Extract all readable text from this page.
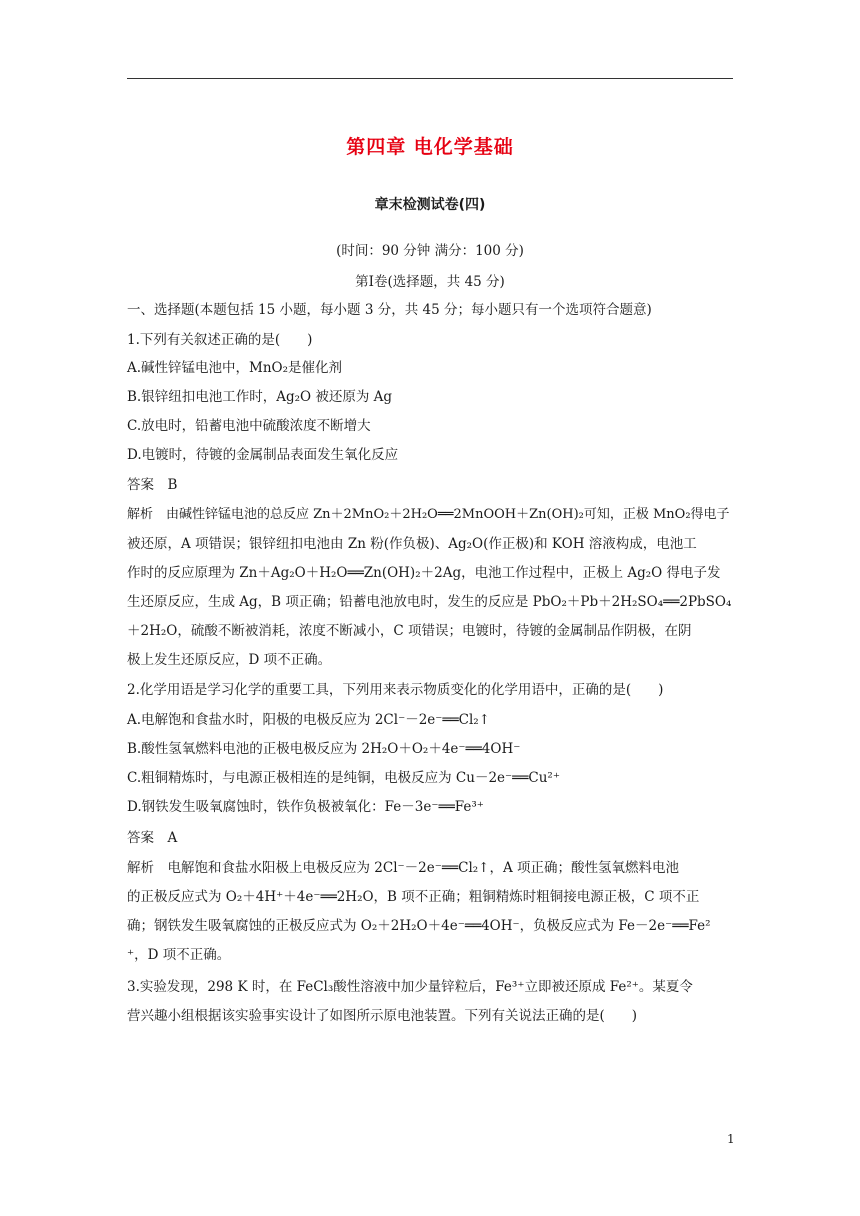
第四章 电化学基础
章末检测试卷(四)
(时间：90 分钟 满分：100 分)
第Ⅰ卷(选择题，共 45 分)
一、选择题(本题包括 15 小题，每小题 3 分，共 45 分；每小题只有一个选项符合题意)
1.下列有关叙述正确的是(　　)
A.碱性锌锰电池中，MnO₂是催化剂
B.银锌纽扣电池工作时，Ag₂O 被还原为 Ag
C.放电时，铅蓄电池中硫酸浓度不断增大
D.电镀时，待镀的金属制品表面发生氧化反应
答案　B
解析　由碱性锌锰电池的总反应 Zn＋2MnO₂＋2H₂O══2MnOOH＋Zn(OH)₂可知，正极 MnO₂得电子
被还原，A 项错误；银锌纽扣电池由 Zn 粉(作负极)、Ag₂O(作正极)和 KOH 溶液构成，电池工
作时的反应原理为 Zn＋Ag₂O＋H₂O══Zn(OH)₂＋2Ag，电池工作过程中，正极上 Ag₂O 得电子发
生还原反应，生成 Ag，B 项正确；铅蓄电池放电时，发生的反应是 PbO₂＋Pb＋2H₂SO₄══2PbSO₄
＋2H₂O，硫酸不断被消耗，浓度不断减小，C 项错误；电镀时，待镀的金属制品作阴极，在阴
极上发生还原反应，D 项不正确。
2.化学用语是学习化学的重要工具，下列用来表示物质变化的化学用语中，正确的是(　　)
A.电解饱和食盐水时，阳极的电极反应为 2Cl⁻－2e⁻══Cl₂↑
B.酸性氢氧燃料电池的正极电极反应为 2H₂O＋O₂＋4e⁻══4OH⁻
C.粗铜精炼时，与电源正极相连的是纯铜，电极反应为 Cu－2e⁻══Cu²⁺
D.钢铁发生吸氧腐蚀时，铁作负极被氧化：Fe－3e⁻══Fe³⁺
答案　A
解析　电解饱和食盐水阳极上电极反应为 2Cl⁻－2e⁻══Cl₂↑，A 项正确；酸性氢氧燃料电池
的正极反应式为 O₂＋4H⁺＋4e⁻══2H₂O，B 项不正确；粗铜精炼时粗铜接电源正极，C 项不正
确；钢铁发生吸氧腐蚀的正极反应式为 O₂＋2H₂O＋4e⁻══4OH⁻，负极反应式为 Fe－2e⁻══Fe²
⁺，D 项不正确。
3.实验发现，298 K 时，在 FeCl₃酸性溶液中加少量锌粒后，Fe³⁺立即被还原成 Fe²⁺。某夏令
营兴趣小组根据该实验事实设计了如图所示原电池装置。下列有关说法正确的是(　　)
1
